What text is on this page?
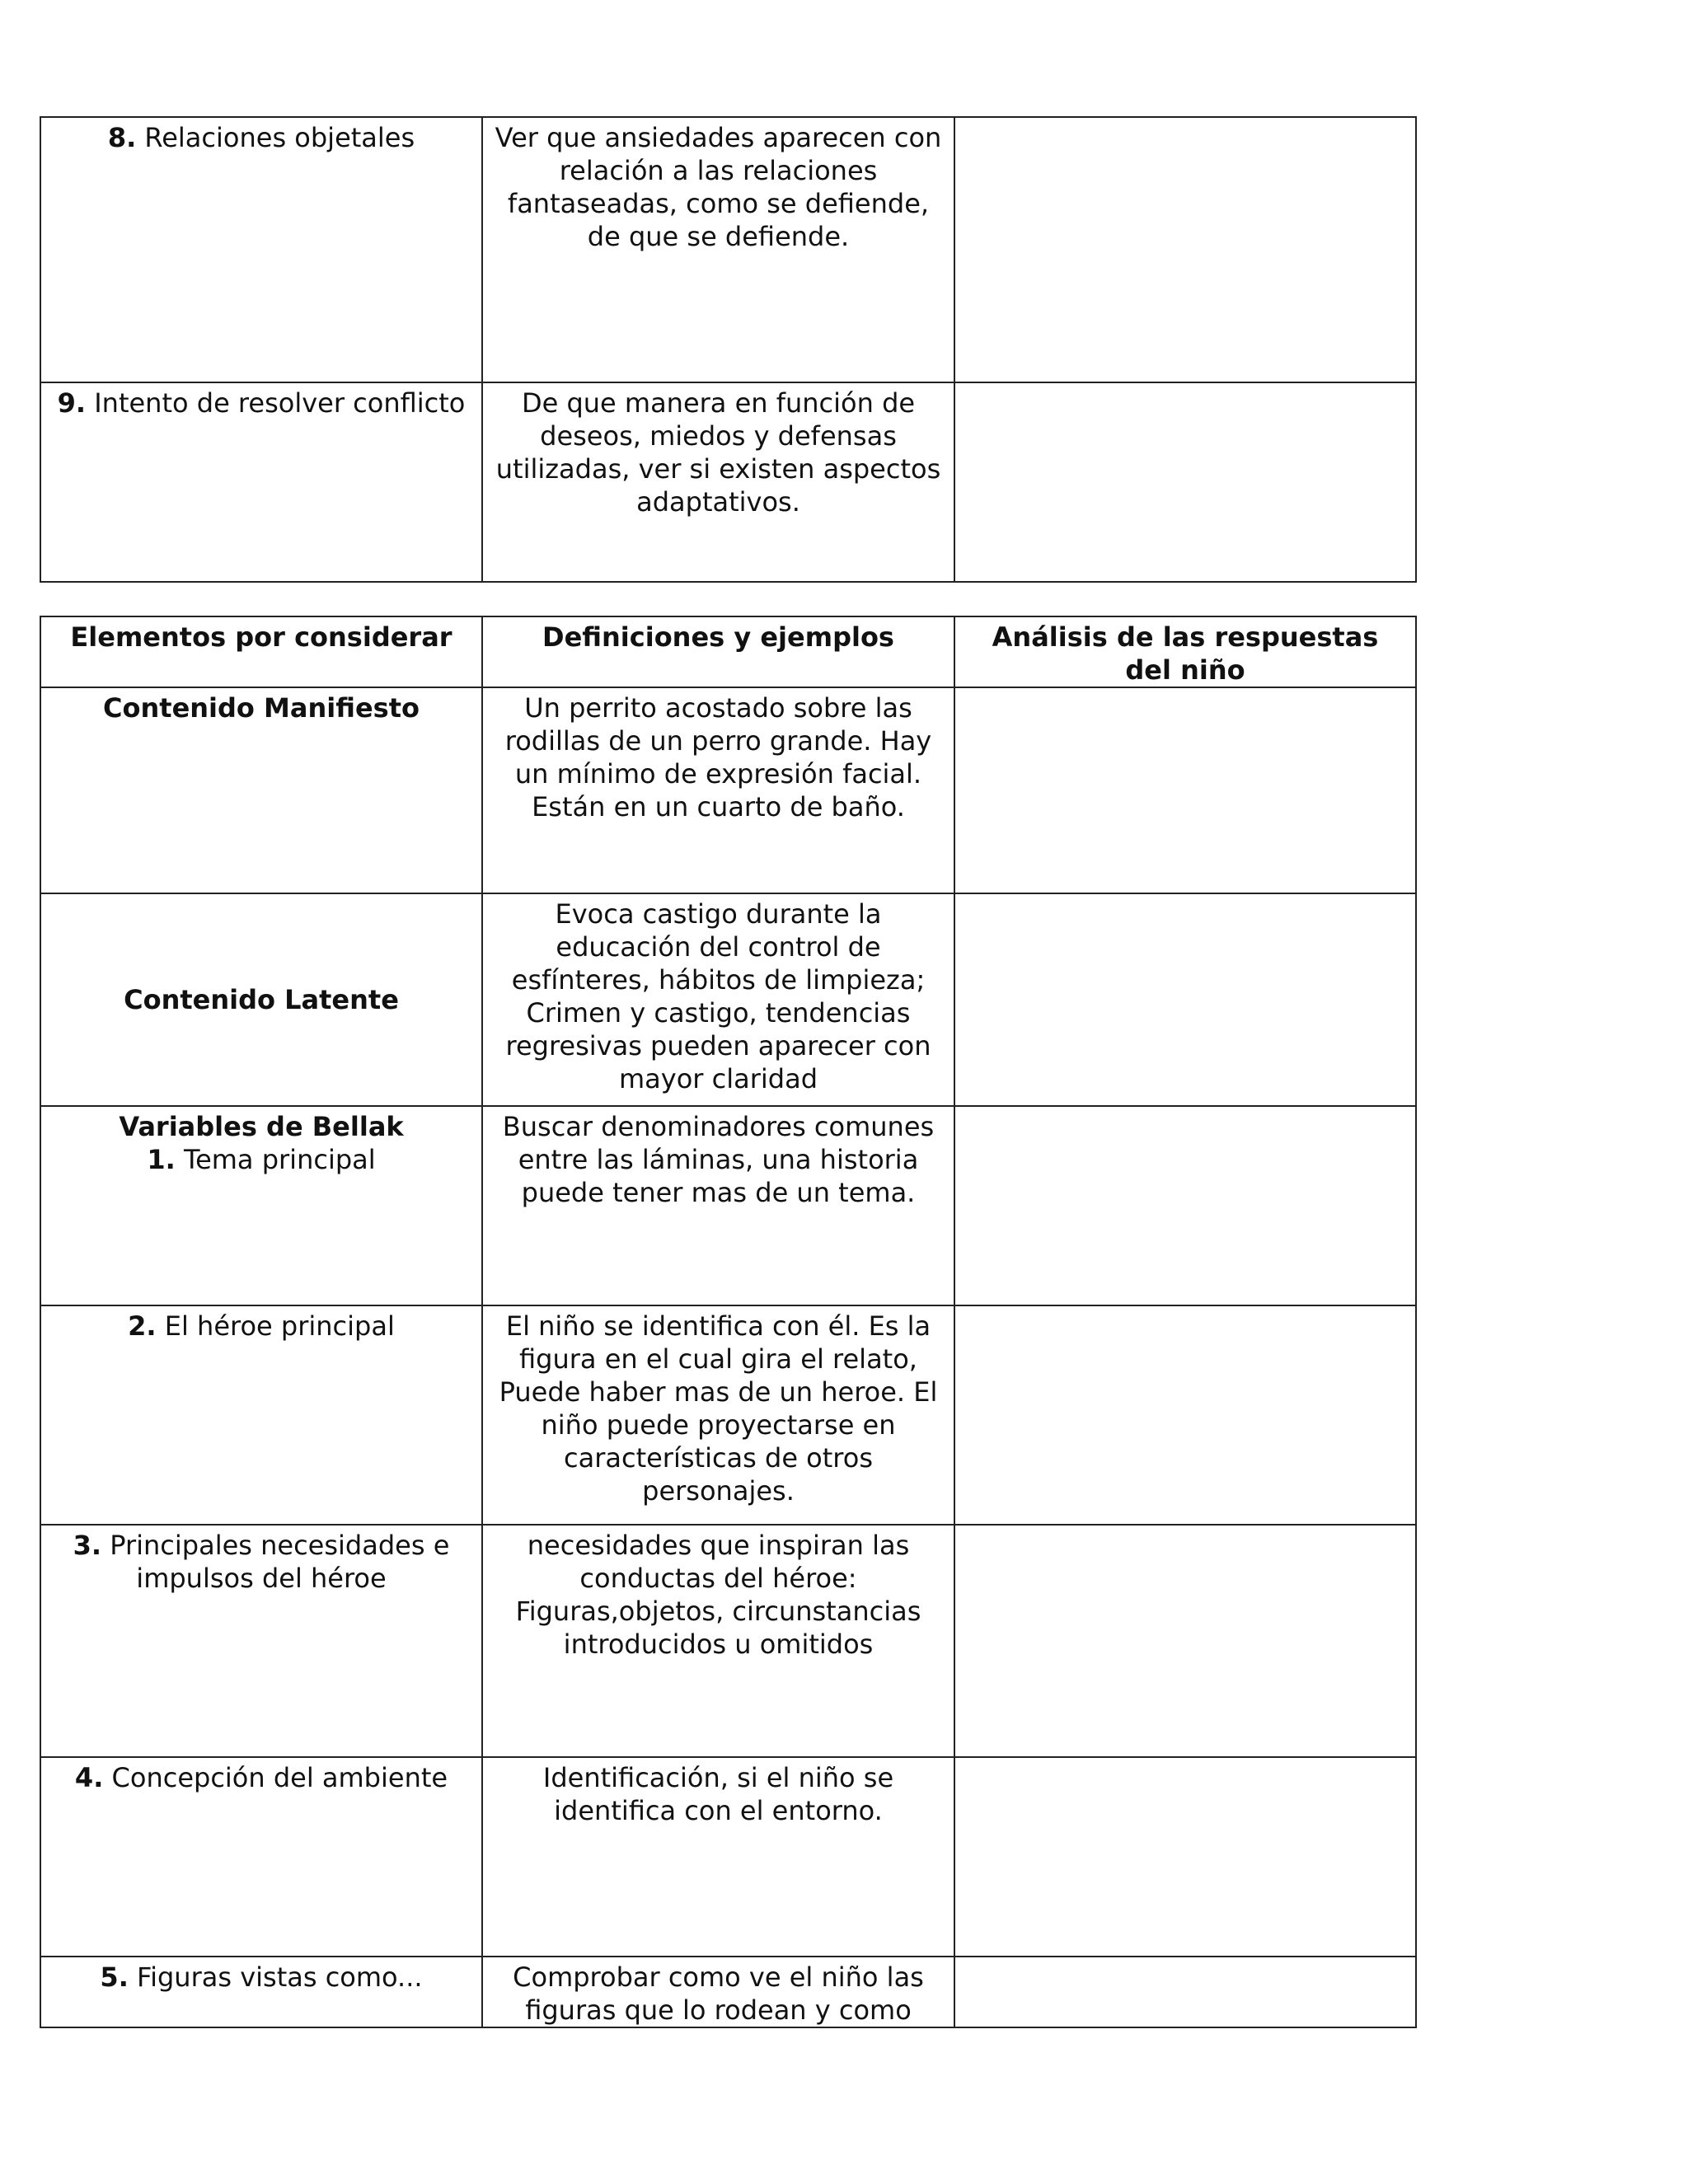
8. Relaciones objetales	Ver que ansiedades aparecen con relación a las relaciones fantaseadas, como se defiende, de que se defiende.	
9. Intento de resolver conflicto	De que manera en función de deseos, miedos y defensas utilizadas, ver si existen aspectos adaptativos.	
Elementos por considerar	Definiciones y ejemplos	Análisis de las respuestas del niño
Contenido Manifiesto	Un perrito acostado sobre las rodillas de un perro grande. Hay un mínimo de expresión facial. Están en un cuarto de baño.	
Contenido Latente	Evoca castigo durante la educación del control de esfínteres, hábitos de limpieza; Crimen y castigo, tendencias regresivas pueden aparecer con mayor claridad	

Variables de Bellak
1. Tema principal	Buscar denominadores comunes entre las láminas, una historia puede tener mas de un tema.	
2. El héroe principal	El niño se identifica con él. Es la figura en el cual gira el relato, Puede haber mas de un heroe. El niño puede proyectarse en características de otros personajes.	
3. Principales necesidades e impulsos del héroe	necesidades que inspiran las conductas del héroe: Figuras,objetos, circunstancias introducidos u omitidos	
4. Concepción del ambiente	Identificación, si el niño se identifica con el entorno.	
5. Figuras vistas como...	Comprobar como ve el niño las figuras que lo rodean y como	
